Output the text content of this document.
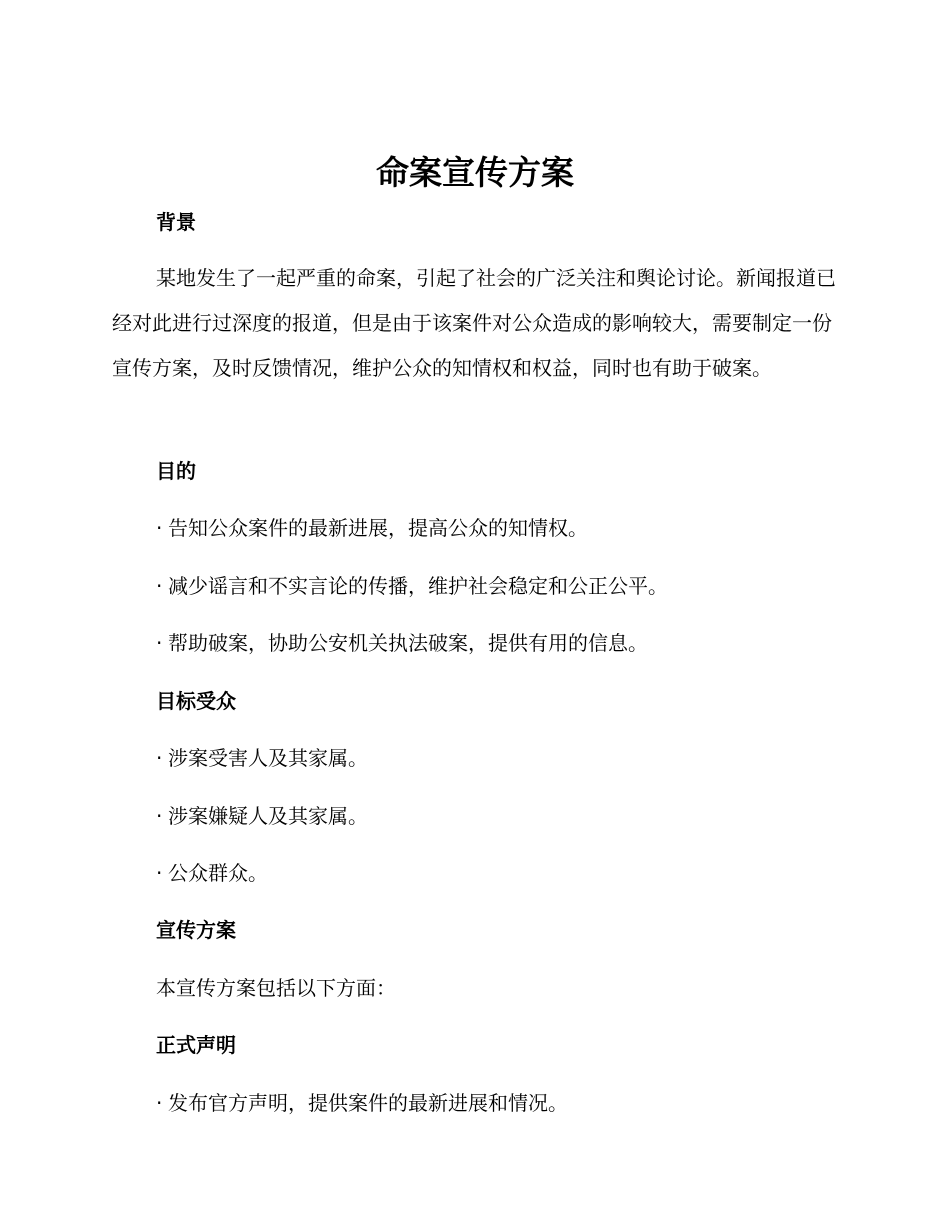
命案宣传方案
背景

某地发生了一起严重的命案，引起了社会的广泛关注和舆论讨论。新闻报道已经对此进行过深度的报道，但是由于该案件对公众造成的影响较大，需要制定一份宣传方案，及时反馈情况，维护公众的知情权和权益，同时也有助于破案。

目的

· 告知公众案件的最新进展，提高公众的知情权。

· 减少谣言和不实言论的传播，维护社会稳定和公正公平。

· 帮助破案，协助公安机关执法破案，提供有用的信息。

目标受众

· 涉案受害人及其家属。

· 涉案嫌疑人及其家属。

· 公众群众。

宣传方案

本宣传方案包括以下方面：

正式声明

· 发布官方声明，提供案件的最新进展和情况。
